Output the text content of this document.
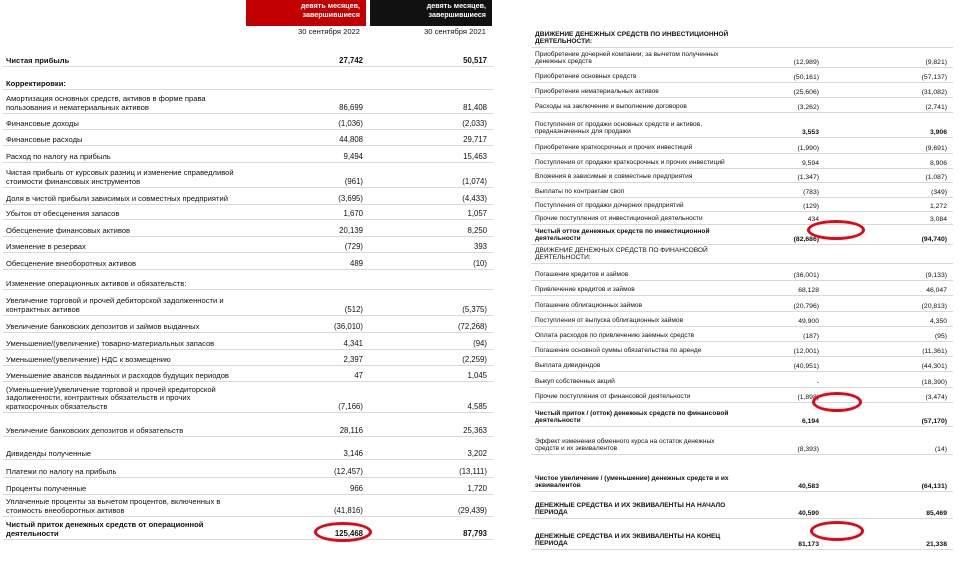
девять месяцев, завершившиеся
девять месяцев, завершившиеся
30 сентября 2022	30 сентября 2021
Чистая прибыль	27,742	50,517
Корректировки:
Амортизация основных средств, активов в форме права пользования и нематериальных активов	86,699	81,408
Финансовые доходы	(1,036)	(2,033)
Финансовые расходы	44,808	29,717
Расход по налогу на прибыль	9,494	15,463
Чистая прибыль от курсовых разниц и изменение справедливой стоимости финансовых инструментов	(961)	(1,074)
Доля в чистой прибыли зависимых и совместных предприятий	(3,695)	(4,433)
Убыток от обесценения запасов	1,670	1,057
Обесценение финансовых активов	20,139	8,250
Изменение в резервах	(729)	393
Обесценение внеоборотных активов	489	(10)
Изменение операционных активов и обязательств:
Увеличение торговой и прочей дебиторской задолженности и контрактных активов	(512)	(5,375)
Увеличение банковских депозитов и займов выданных	(36,010)	(72,268)
Уменьшение/(увеличение) товарно-материальных запасов	4,341	(94)
Уменьшение/(увеличение) НДС к возмещению	2,397	(2,259)
Уменьшение авансов выданных и расходов будущих периодов	47	1,045
(Уменьшение)/увеличение торговой и прочей кредиторской задолженности, контрактных обязательств и прочих краткосрочных обязательств	(7,166)	4,585
Увеличение банковских депозитов и обязательств	28,116	25,363
Дивиденды полученные	3,146	3,202
Платежи по налогу на прибыль	(12,457)	(13,111)
Проценты полученные	966	1,720
Уплаченные проценты за вычетом процентов, включенных в стоимость внеоборотных активов	(41,816)	(29,439)
Чистый приток денежных средств от операционной деятельности	125,468	87,793
ДВИЖЕНИЕ ДЕНЕЖНЫХ СРЕДСТВ ПО ИНВЕСТИЦИОННОЙ ДЕЯТЕЛЬНОСТИ:
Приобретение дочерней компании, за вычетом полученных денежных средств	(12,989)	(9,821)
Приобретение основных средств	(50,161)	(57,137)
Приобретение нематериальных активов	(25,606)	(31,082)
Расходы на заключение и выполнение договоров	(3,262)	(2,741)
Поступления от продажи основных средств и активов, предназначенных для продажи	3,553	3,906
Приобретение краткосрочных и прочих инвестиций	(1,990)	(9,691)
Поступления от продажи краткосрочных и прочих инвестиций	9,594	8,906
Вложения в зависимые и совместные предприятия	(1,347)	(1,087)
Выплаты по контрактам своп	(783)	(349)
Поступления от продажи дочерних предприятий	(129)	1,272
Прочие поступления от инвестиционной деятельности	434	3,084
Чистый отток денежных средств по инвестиционной деятельности	(82,686)	(94,740)
ДВИЖЕНИЕ ДЕНЕЖНЫХ СРЕДСТВ ПО ФИНАНСОВОЙ ДЕЯТЕЛЬНОСТИ:
Погашение кредитов и займов	(36,001)	(9,133)
Привлечение кредитов и займов	68,128	46,047
Погашение облигационных займов	(20,796)	(20,813)
Поступления от выпуска облигационных займов	49,900	4,350
Оплата расходов по привлечению заемных средств	(187)	(95)
Погашение основной суммы обязательства по аренде	(12,001)	(11,361)
Выплата дивидендов	(40,951)	(44,301)
Выкуп собственных акций	-	(18,390)
Прочие поступления от финансовой деятельности	(1,898)	(3,474)
Чистый приток / (отток) денежных средств по финансовой деятельности	6,194	(57,170)
Эффект изменения обменного курса на остаток денежных средств и их эквивалентов	(8,393)	(14)
Чистое увеличение / (уменьшение) денежных средств и их эквивалентов	40,583	(64,131)
ДЕНЕЖНЫЕ СРЕДСТВА И ИХ ЭКВИВАЛЕНТЫ НА НАЧАЛО ПЕРИОДА	40,590	85,469
ДЕНЕЖНЫЕ СРЕДСТВА И ИХ ЭКВИВАЛЕНТЫ НА КОНЕЦ ПЕРИОДА	81,173	21,338
